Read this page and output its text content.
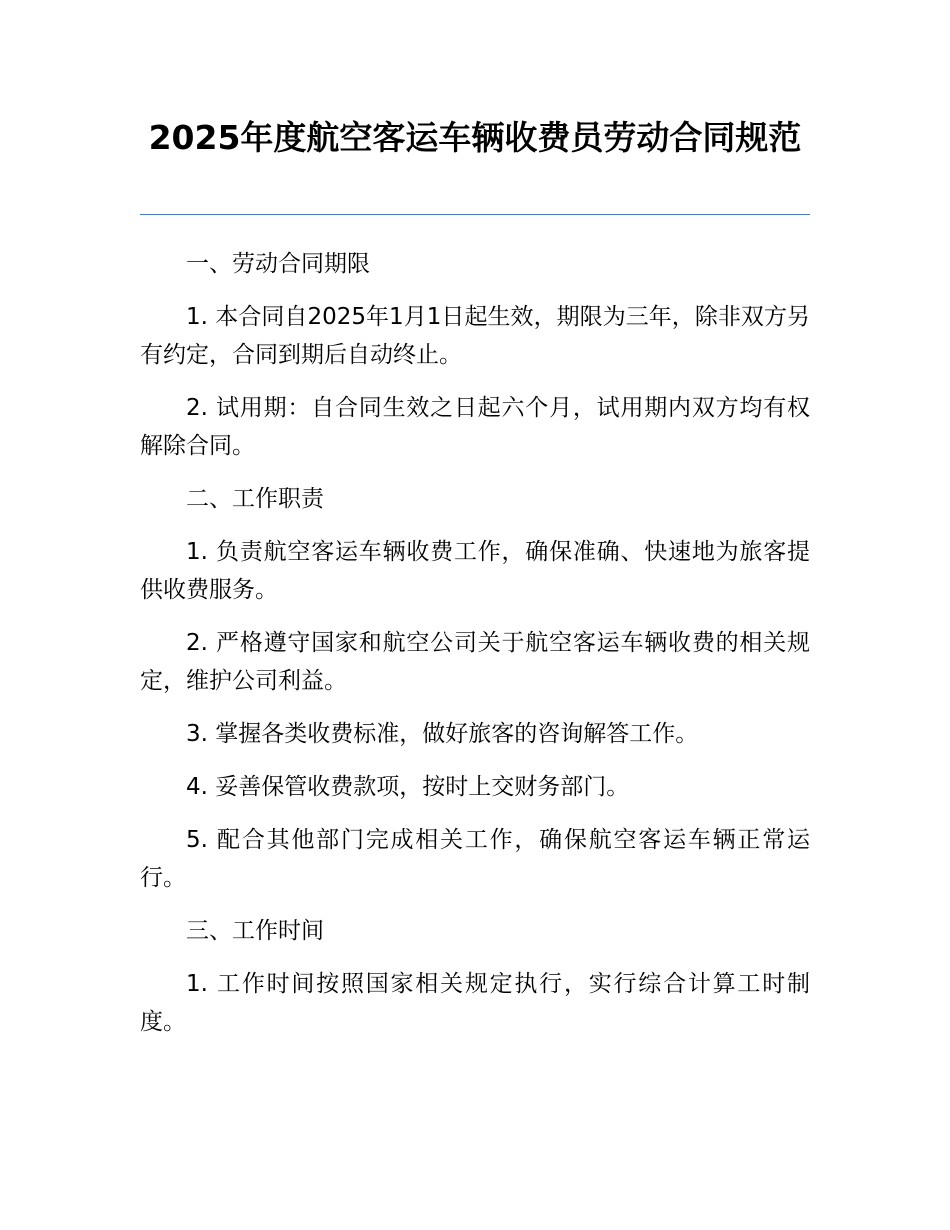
2025年度航空客运车辆收费员劳动合同规范

一、劳动合同期限

1. 本合同自2025年1月1日起生效，期限为三年，除非双方另有约定，合同到期后自动终止。

2. 试用期：自合同生效之日起六个月，试用期内双方均有权解除合同。

二、工作职责

1. 负责航空客运车辆收费工作，确保准确、快速地为旅客提供收费服务。

2. 严格遵守国家和航空公司关于航空客运车辆收费的相关规定，维护公司利益。

3. 掌握各类收费标准，做好旅客的咨询解答工作。

4. 妥善保管收费款项，按时上交财务部门。

5. 配合其他部门完成相关工作，确保航空客运车辆正常运行。

三、工作时间

1. 工作时间按照国家相关规定执行，实行综合计算工时制度。
